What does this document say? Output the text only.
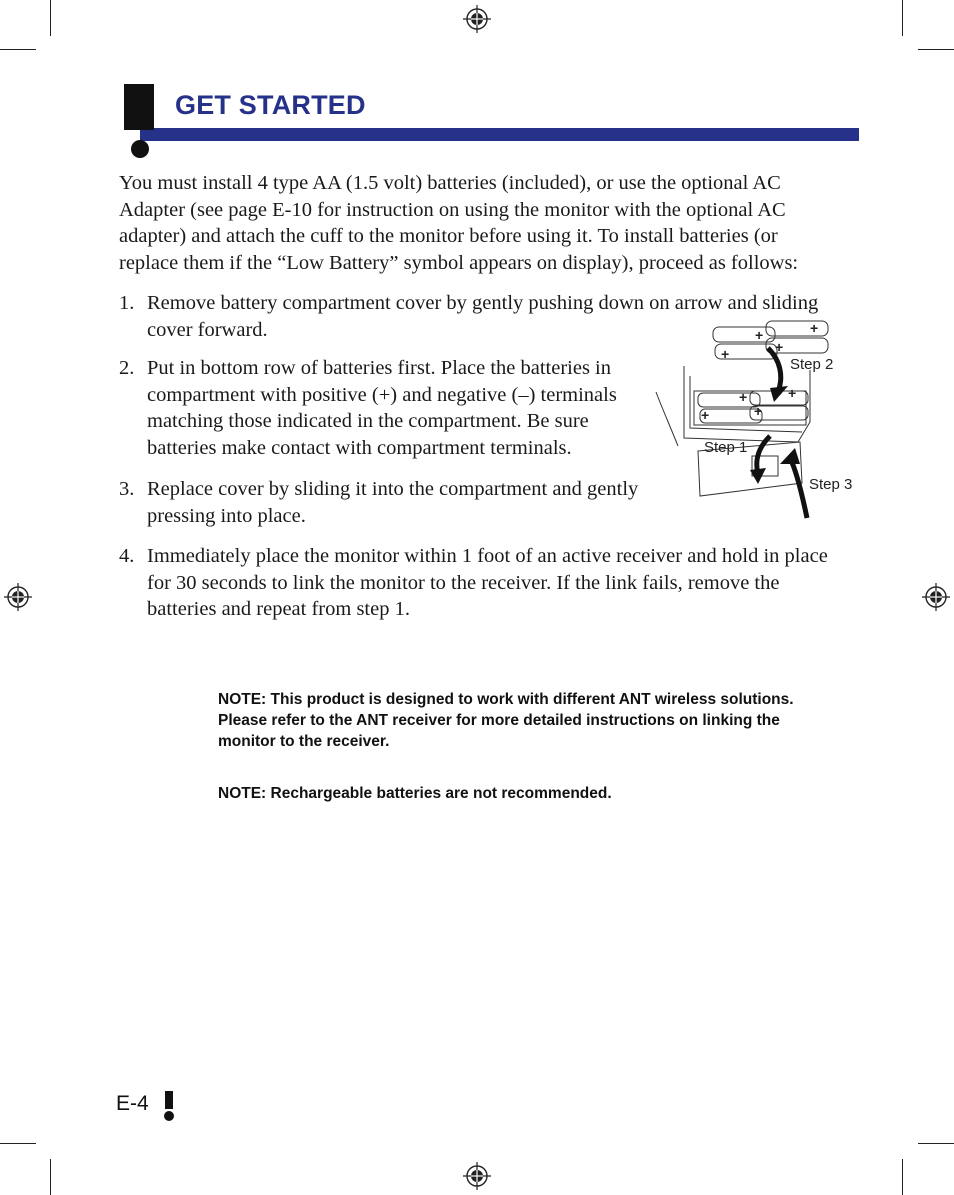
GET STARTED

You must install 4 type AA (1.5 volt) batteries (included), or use the optional AC Adapter (see page E-10 for instruction on using the monitor with the optional AC adapter) and attach the cuff to the monitor before using it. To install batteries (or replace them if the “Low Battery” symbol appears on display), proceed as follows:

1. Remove battery compartment cover by gently pushing down on arrow and sliding cover forward.
2. Put in bottom row of batteries first. Place the batteries in compartment with positive (+) and negative (–) terminals matching those indicated in the compartment. Be sure batteries make contact with compartment terminals.
3. Replace cover by sliding it into the compartment and gently pressing into place.
4. Immediately place the monitor within 1 foot of an active receiver and hold in place for 30 seconds to link the monitor to the receiver. If the link fails, remove the batteries and repeat from step 1.
+	+
+	+
+	+
+	+
Step 1
Step 2
Step 3

NOTE: This product is designed to work with different ANT wireless solutions. Please refer to the ANT receiver for more detailed instructions on linking the monitor to the receiver.

NOTE: Rechargeable batteries are not recommended.

E-4
